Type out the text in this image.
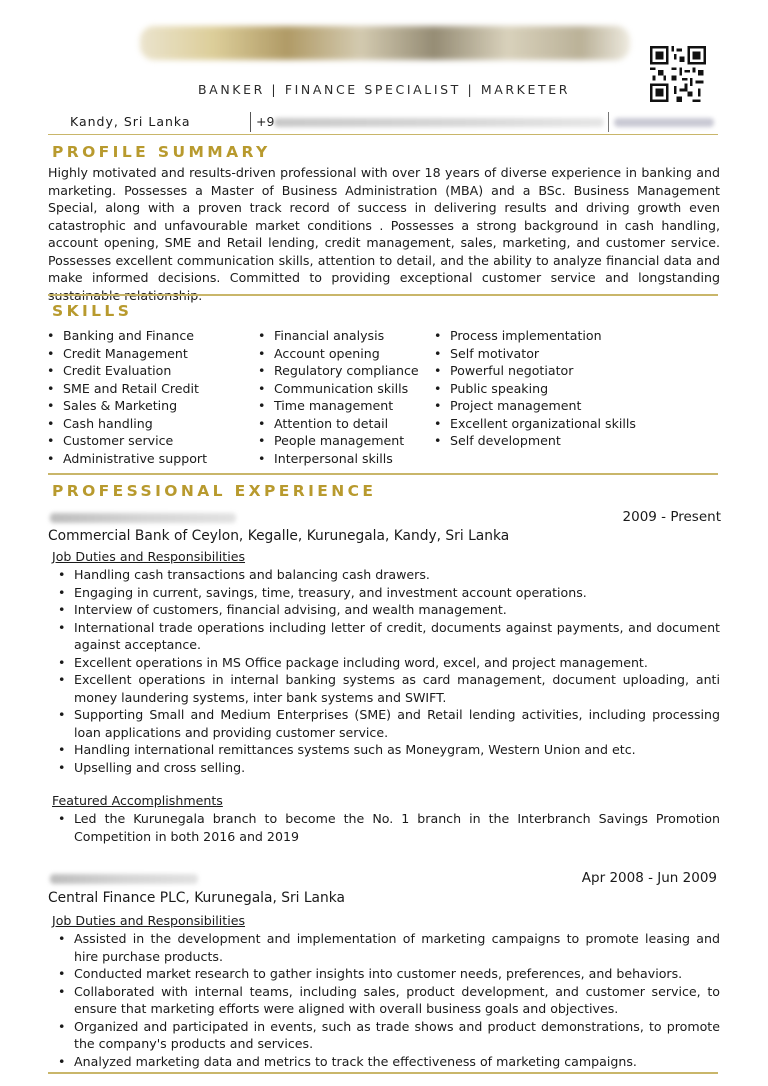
BANKER | FINANCE SPECIALIST | MARKETER
Kandy, Sri Lanka	+9
PROFILE SUMMARY
Highly motivated and results-driven professional with over 18 years of diverse experience in banking and marketing. Possesses a Master of Business Administration (MBA) and a BSc. Business Management Special, along with a proven track record of success in delivering results and driving growth even catastrophic and unfavourable market conditions . Possesses a strong background in cash handling, account opening, SME and Retail lending, credit management, sales, marketing, and customer service. Possesses excellent communication skills, attention to detail, and the ability to analyze financial data and make informed decisions. Committed to providing exceptional customer service and longstanding
SKILLS
• Banking and Finance
• Credit Management
• Credit Evaluation
• SME and Retail Credit
• Sales & Marketing
• Cash handling
• Customer service
• Administrative support
• Financial analysis
• Account opening
• Regulatory compliance
• Communication skills
• Time management
• Attention to detail
• People management
• Interpersonal skills
• Process implementation
• Self motivator
• Powerful negotiator
• Public speaking
• Project management
• Excellent organizational skills
• Self development
PROFESSIONAL EXPERIENCE
2009 - Present
Commercial Bank of Ceylon, Kegalle, Kurunegala, Kandy, Sri Lanka
Job Duties and Responsibilities
• Handling cash transactions and balancing cash drawers.
• Engaging in current, savings, time, treasury, and investment account operations.
• Interview of customers, financial advising, and wealth management.
• International trade operations including letter of credit, documents against payments, and document against acceptance.
• Excellent operations in MS Office package including word, excel, and project management.
• Excellent operations in internal banking systems as card management, document uploading, anti money laundering systems, inter bank systems and SWIFT.
• Supporting Small and Medium Enterprises (SME) and Retail lending activities, including processing loan applications and providing customer service.
• Handling international remittances systems such as Moneygram, Western Union and etc.
• Upselling and cross selling.
Featured Accomplishments
• Led the Kurunegala branch to become the No. 1 branch in the Interbranch Savings Promotion Competition in both 2016 and 2019
Apr 2008 - Jun 2009
Central Finance PLC, Kurunegala, Sri Lanka
Job Duties and Responsibilities
• Assisted in the development and implementation of marketing campaigns to promote leasing and hire purchase products.
• Conducted market research to gather insights into customer needs, preferences, and behaviors.
• Collaborated with internal teams, including sales, product development, and customer service, to ensure that marketing efforts were aligned with overall business goals and objectives.
• Organized and participated in events, such as trade shows and product demonstrations, to promote the company's products and services.
• Analyzed marketing data and metrics to track the effectiveness of marketing campaigns.
